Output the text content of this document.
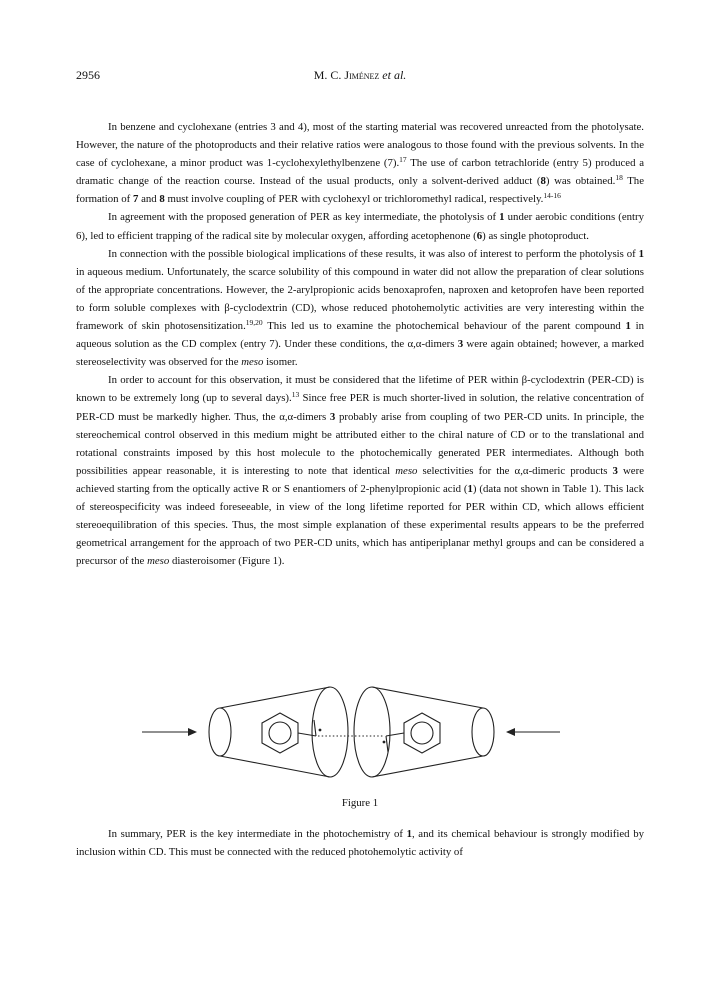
2956	M. C. Jiménez et al.

In benzene and cyclohexane (entries 3 and 4), most of the starting material was recovered unreacted from the photolysate. However, the nature of the photoproducts and their relative ratios were analogous to those found with the previous solvents. In the case of cyclohexane, a minor product was 1-cyclohexylethylbenzene (7).$^{17}$ The use of carbon tetrachloride (entry 5) produced a dramatic change of the reaction course. Instead of the usual products, only a solvent-derived adduct (8) was obtained.$^{18}$ The formation of 7 and 8 must involve coupling of PER with cyclohexyl or trichloromethyl radical, respectively.$^{14-16}$

In agreement with the proposed generation of PER as key intermediate, the photolysis of 1 under aerobic conditions (entry 6), led to efficient trapping of the radical site by molecular oxygen, affording acetophenone (6) as single photoproduct.

In connection with the possible biological implications of these results, it was also of interest to perform the photolysis of 1 in aqueous medium. Unfortunately, the scarce solubility of this compound in water did not allow the preparation of clear solutions of the appropriate concentrations. However, the 2-arylpropionic acids benoxaprofen, naproxen and ketoprofen have been reported to form soluble complexes with β-cyclodextrin (CD), whose reduced photohemolytic activities are very interesting within the framework of skin photosensitization.$^{19,20}$ This led us to examine the photochemical behaviour of the parent compound 1 in aqueous solution as the CD complex (entry 7). Under these conditions, the α,α-dimers 3 were again obtained; however, a marked stereoselectivity was observed for the meso isomer.

In order to account for this observation, it must be considered that the lifetime of PER within β-cyclodextrin (PER-CD) is known to be extremely long (up to several days).$^{13}$ Since free PER is much shorter-lived in solution, the relative concentration of PER-CD must be markedly higher. Thus, the α,α-dimers 3 probably arise from coupling of two PER-CD units. In principle, the stereochemical control observed in this medium might be attributed either to the chiral nature of CD or to the translational and rotational constraints imposed by this host molecule to the photochemically generated PER intermediates. Although both possibilities appear reasonable, it is interesting to note that identical meso selectivities for the α,α-dimeric products 3 were achieved starting from the optically active R or S enantiomers of 2-phenylpropionic acid (1) (data not shown in Table 1). This lack of stereospecificity was indeed foreseeable, in view of the long lifetime reported for PER within CD, which allows efficient stereoequilibration of this species. Thus, the most simple explanation of these experimental results appears to be the preferred geometrical arrangement for the approach of two PER-CD units, which has antiperiplanar methyl groups and can be considered a precursor of the meso diasteroisomer (Figure 1).

Figure 1

In summary, PER is the key intermediate in the photochemistry of 1, and its chemical behaviour is strongly modified by inclusion within CD. This must be connected with the reduced photohemolytic activity of
